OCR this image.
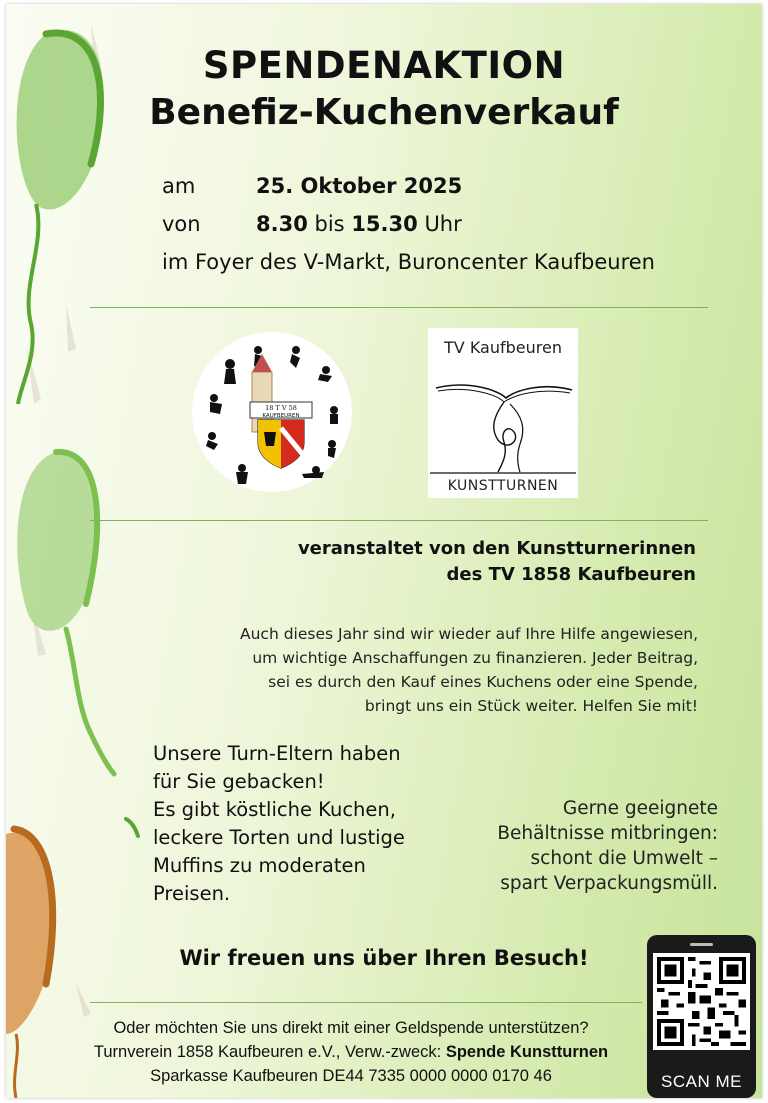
SPENDENAKTION
Benefiz-Kuchenverkauf
am	25. Oktober 2025
von	8.30 bis 15.30 Uhr
im Foyer des V-Markt, Buroncenter Kaufbeuren
18 T V 58
KAUFBEUREN
TV Kaufbeuren
KUNSTTURNEN
veranstaltet von den Kunstturnerinnen
des TV 1858 Kaufbeuren
Auch dieses Jahr sind wir wieder auf Ihre Hilfe angewiesen,
um wichtige Anschaffungen zu finanzieren. Jeder Beitrag,
sei es durch den Kauf eines Kuchens oder eine Spende,
bringt uns ein Stück weiter. Helfen Sie mit!
Unsere Turn-Eltern haben
für Sie gebacken!
Es gibt köstliche Kuchen,
leckere Torten und lustige
Muffins zu moderaten
Preisen.
Gerne geeignete
Behältnisse mitbringen:
schont die Umwelt –
spart Verpackungsmüll.
Wir freuen uns über Ihren Besuch!
Oder möchten Sie uns direkt mit einer Geldspende unterstützen?
Turnverein 1858 Kaufbeuren e.V., Verw.-zweck: Spende Kunstturnen
Sparkasse Kaufbeuren DE44 7335 0000 0000 0170 46	SCAN ME
